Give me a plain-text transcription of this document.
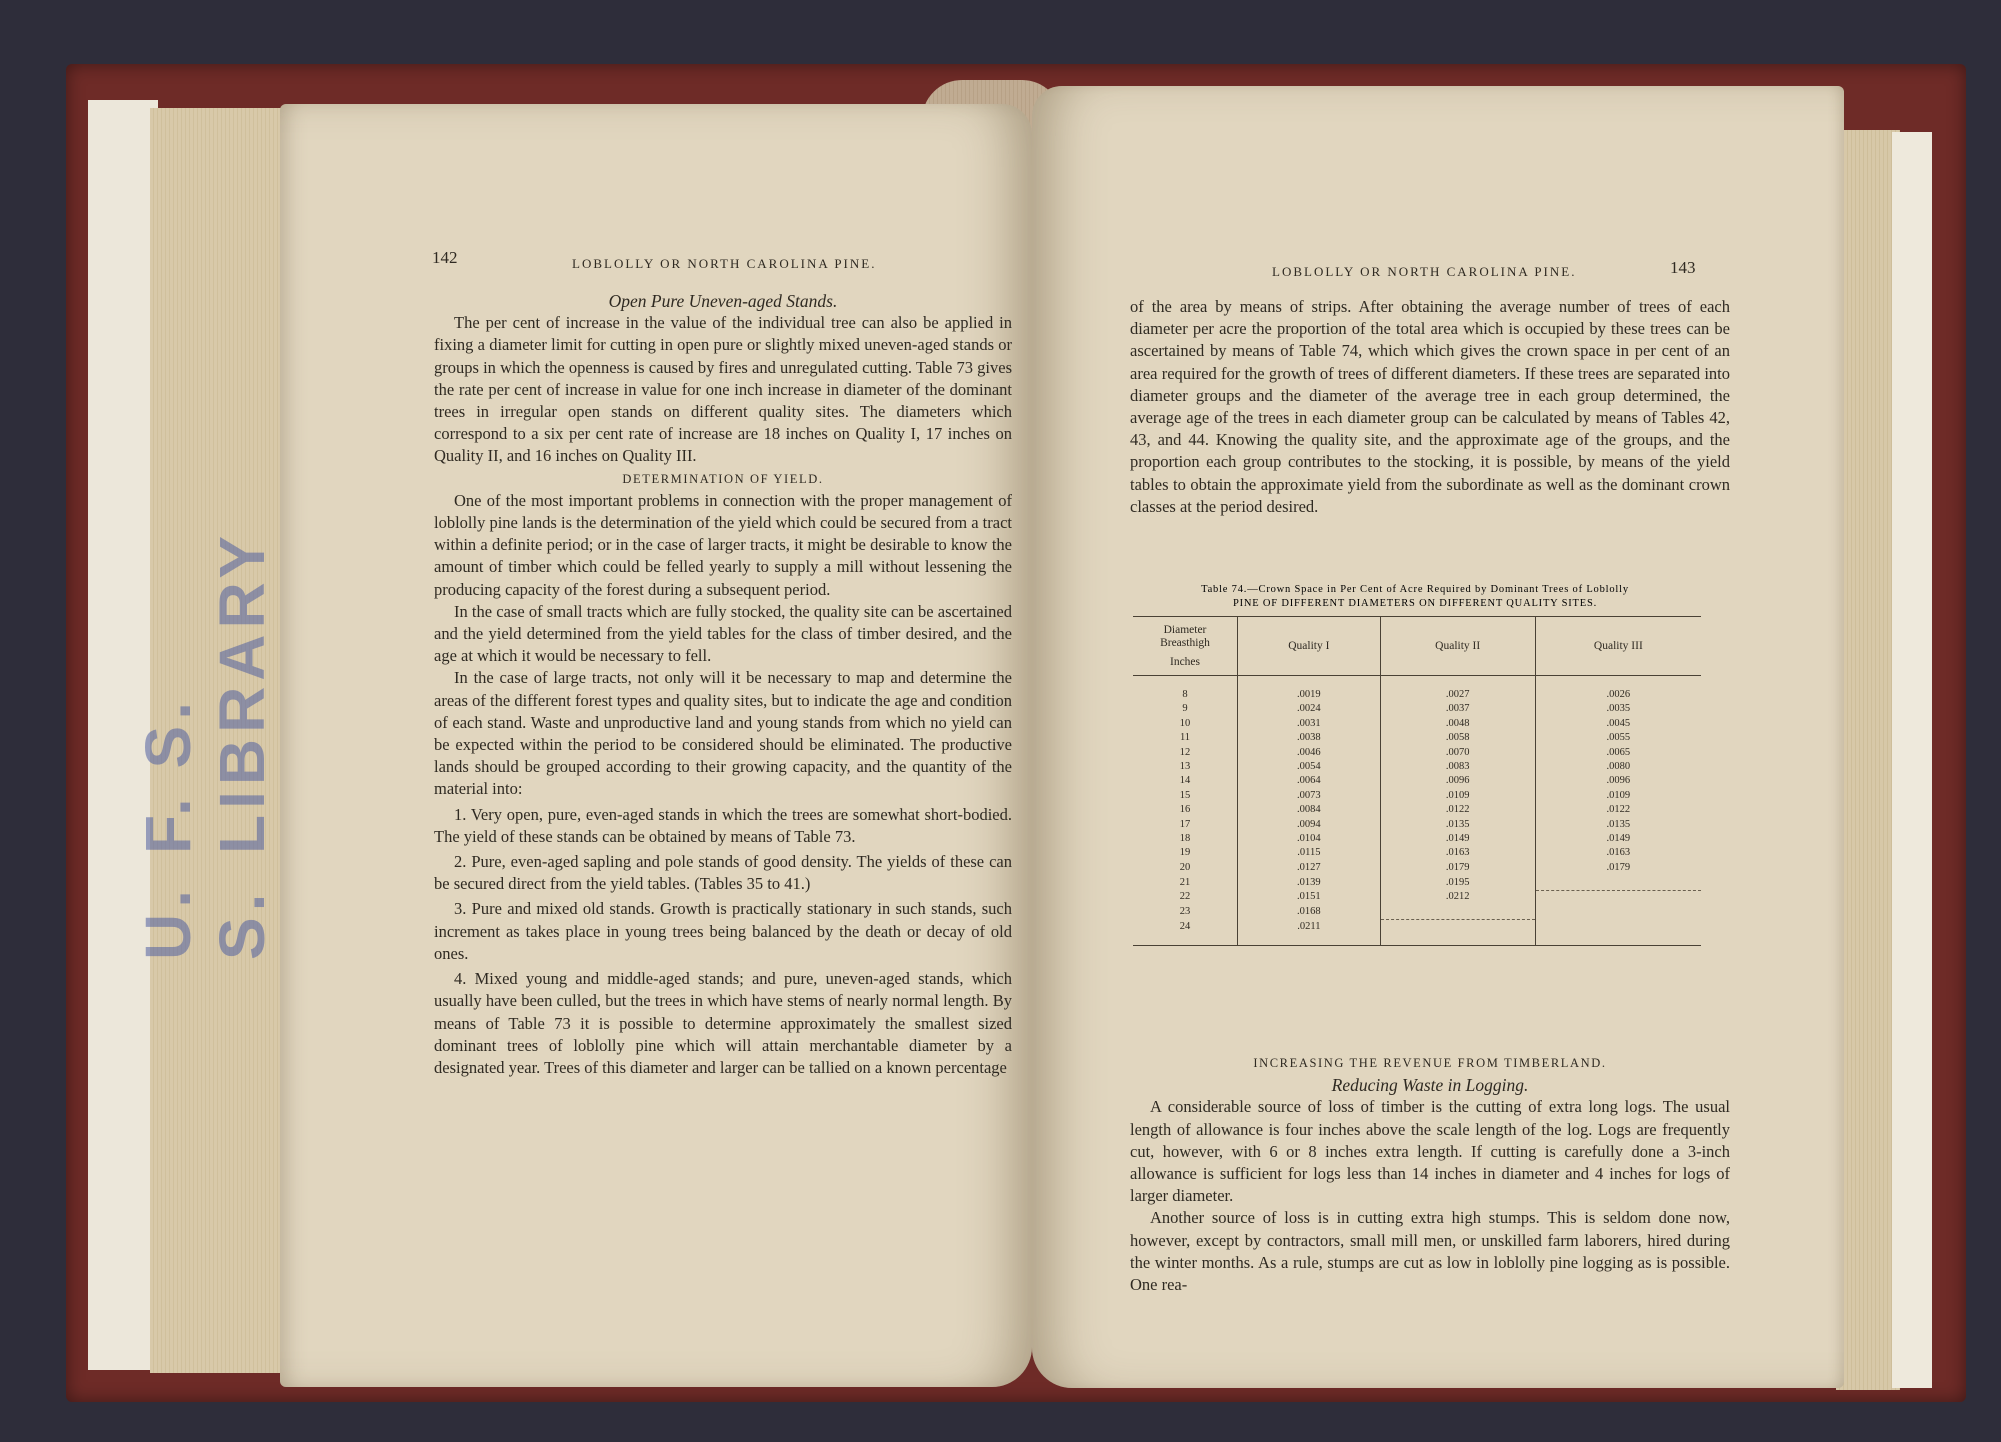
U. S.
F. S. LIBRARY
142	LOBLOLLY OR NORTH CAROLINA PINE.

Open Pure Uneven-aged Stands.

The per cent of increase in the value of the individual tree can also be applied in fixing a diameter limit for cutting in open pure or slightly mixed uneven-aged stands or groups in which the openness is caused by fires and unregulated cutting. Table 73 gives the rate per cent of increase in value for one inch increase in diameter of the dominant trees in irregular open stands on different quality sites. The diameters which correspond to a six per cent rate of increase are 18 inches on Quality I, 17 inches on Quality II, and 16 inches on Quality III.

DETERMINATION OF YIELD.

One of the most important problems in connection with the proper management of loblolly pine lands is the determination of the yield which could be secured from a tract within a definite period; or in the case of larger tracts, it might be desirable to know the amount of timber which could be felled yearly to supply a mill without lessening the producing capacity of the forest during a subsequent period.

In the case of small tracts which are fully stocked, the quality site can be ascertained and the yield determined from the yield tables for the class of timber desired, and the age at which it would be necessary to fell.

In the case of large tracts, not only will it be necessary to map and determine the areas of the different forest types and quality sites, but to indicate the age and condition of each stand. Waste and unproductive land and young stands from which no yield can be expected within the period to be considered should be eliminated. The productive lands should be grouped according to their growing capacity, and the quantity of the material into:

1. Very open, pure, even-aged stands in which the trees are somewhat short-bodied. The yield of these stands can be obtained by means of Table 73.

2. Pure, even-aged sapling and pole stands of good density. The yields of these can be secured direct from the yield tables. (Tables 35 to 41.)

3. Pure and mixed old stands. Growth is practically stationary in such stands, such increment as takes place in young trees being balanced by the death or decay of old ones.

4. Mixed young and middle-aged stands; and pure, uneven-aged stands, which usually have been culled, but the trees in which have stems of nearly normal length. By means of Table 73 it is possible to determine approximately the smallest sized dominant trees of loblolly pine which will attain merchantable diameter by a designated year. Trees of this diameter and larger can be tallied on a known percentage

LOBLOLLY OR NORTH CAROLINA PINE.	143

of the area by means of strips. After obtaining the average number of trees of each diameter per acre the proportion of the total area which is occupied by these trees can be ascertained by means of Table 74, which which gives the crown space in per cent of an area required for the growth of trees of different diameters. If these trees are separated into diameter groups and the diameter of the average tree in each group determined, the average age of the trees in each diameter group can be calculated by means of Tables 42, 43, and 44. Knowing the quality site, and the approximate age of the groups, and the proportion each group contributes to the stocking, it is possible, by means of the yield tables to obtain the approximate yield from the subordinate as well as the dominant crown classes at the period desired.

INCREASING THE REVENUE FROM TIMBERLAND.

Reducing Waste in Logging.

A considerable source of loss of timber is the cutting of extra long logs. The usual length of allowance is four inches above the scale length of the log. Logs are frequently cut, however, with 6 or 8 inches extra length. If cutting is carefully done a 3-inch allowance is sufficient for logs less than 14 inches in diameter and 4 inches for logs of larger diameter.

Another source of loss is in cutting extra high stumps. This is seldom done now, however, except by contractors, small mill men, or unskilled farm laborers, hired during the winter months. As a rule, stumps are cut as low in loblolly pine logging as is possible. One rea-

Table 74.—Crown Space in Per Cent of Acre Required by Dominant Trees of Loblolly
PINE OF DIFFERENT DIAMETERS ON DIFFERENT QUALITY SITES.
Diameter
Breasthigh
Inches	Quality I	Quality II	Quality III
8	.0019	.0027	.0026
9	.0024	.0037	.0035
10	.0031	.0048	.0045
11	.0038	.0058	.0055
12	.0046	.0070	.0065
13	.0054	.0083	.0080
14	.0064	.0096	.0096
15	.0073	.0109	.0109
16	.0084	.0122	.0122
17	.0094	.0135	.0135
18	.0104	.0149	.0149
19	.0115	.0163	.0163
20	.0127	.0179	.0179
21	.0139	.0195	
22	.0151	.0212	
23	.0168		
24	.0211		
